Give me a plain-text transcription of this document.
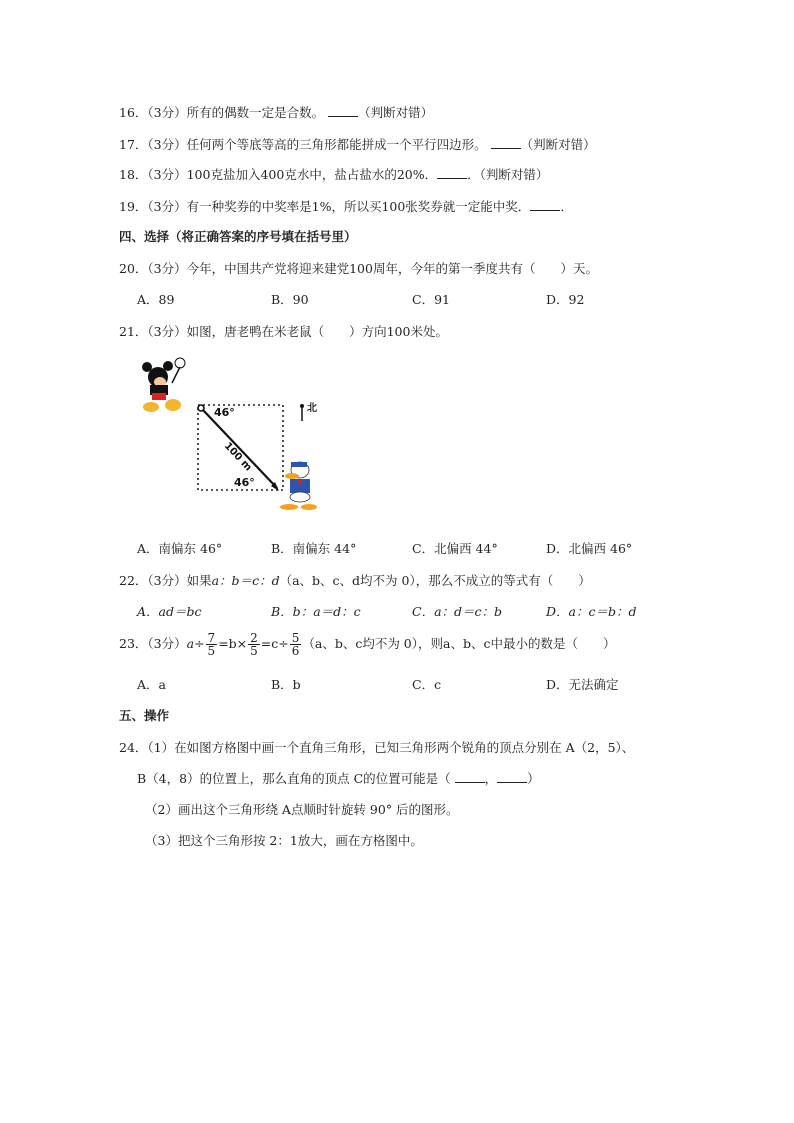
16．（3分）所有的偶数一定是合数。	（判断对错）
17．（3分）任何两个等底等高的三角形都能拼成一个平行四边形。	（判断对错）
18．（3分）100克盐加入400克水中，盐占盐水的20%． ．（判断对错）
19．（3分）有一种奖券的中奖率是1%，所以买100张奖券就一定能中奖． ．
四、选择（将正确答案的序号填在括号里）
20．（3分）今年，中国共产党将迎来建党100周年，今年的第一季度共有（　　）天。
A．89	B．90	C．91	D．92
21．（3分）如图，唐老鸭在米老鼠（　　）方向100米处。
46°
46°
100 m
北
A．南偏东 46°	B．南偏东 44°	C．北偏西 44°	D．北偏西 46°
22．（3分）如果a：b＝c：d（a、b、c、d均不为 0），那么不成立的等式有（　　）
A．ad＝bc	B．b：a＝d：c	C．a：d＝c：b	D．a：c＝b：d
23．（3分）$a\div \frac{7}{5} =b\times \frac{2}{5} =c\div \frac{5}{6} (a$、b、c均不为 0），则a、b、c中最小的数是（　　）
A．a	B．b	C．c	D．无法确定
五、操作
24．（1）在如图方格图中画一个直角三角形，已知三角形两个锐角的顶点分别在 A（2，5）、
B（4，8）的位置上，那么直角的顶点 C的位置可能是（	， ）
（2）画出这个三角形绕 A点顺时针旋转 90° 后的图形。
（3）把这个三角形按 2：1放大，画在方格图中。
